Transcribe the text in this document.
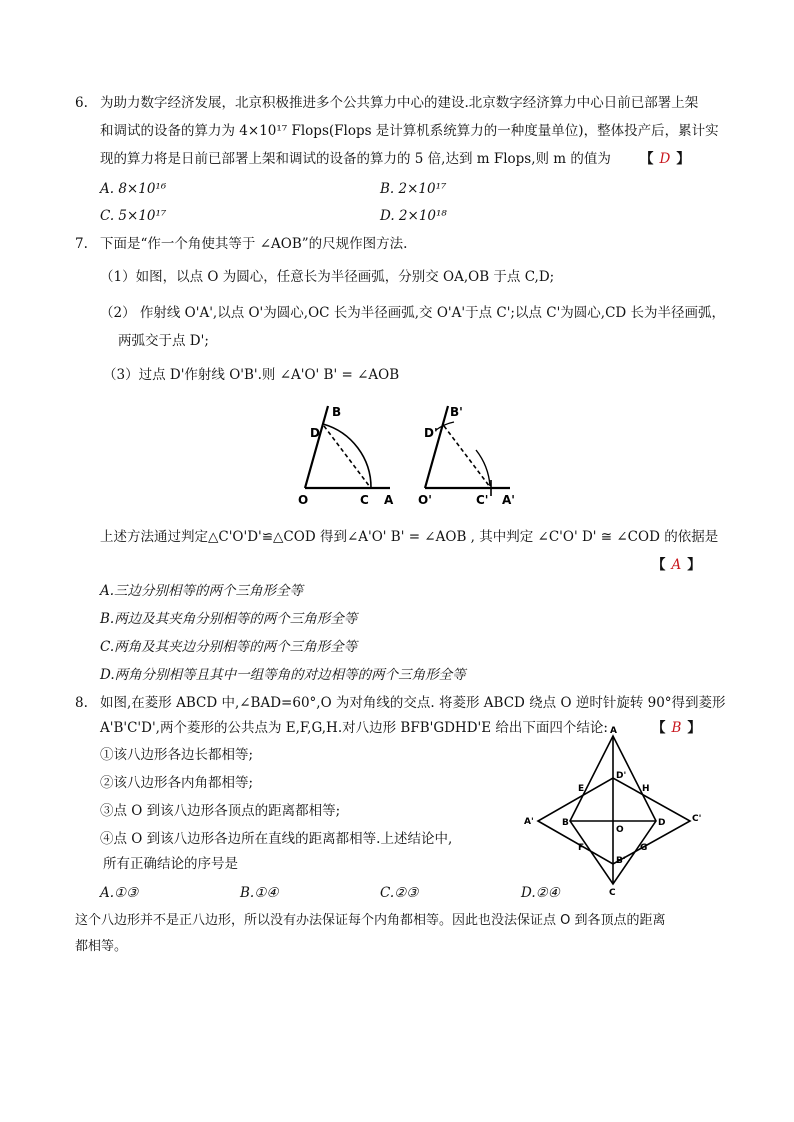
6. 为助力数字经济发展，北京积极推进多个公共算力中心的建设.北京数字经济算力中心日前已部署上架
和调试的设备的算力为 4×10¹⁷ Flops(Flops 是计算机系统算力的一种度量单位)，整体投产后，累计实
现的算力将是日前已部署上架和调试的设备的算力的 5 倍,达到 m Flops,则 m 的值为 【 D 】
A. 8×10¹⁶	B. 2×10¹⁷
C. 5×10¹⁷	D. 2×10¹⁸
7. 下面是“作一个角使其等于 ∠AOB”的尺规作图方法.
（1）如图，以点 O 为圆心，任意长为半径画弧，分别交 OA,OB 于点 C,D;
（2） 作射线 O'A',以点 O'为圆心,OC 长为半径画弧,交 O'A'于点 C';以点 C'为圆心,CD 长为半径画弧，
两弧交于点 D';
（3）过点 D'作射线 O'B'.则 ∠A'O' B' = ∠AOB
B
D
O	C A
B'
D'
O'	C' A'
上述方法通过判定△C'O'D'≌△COD 得到∠A'O' B' = ∠AOB , 其中判定 ∠C'O' D' ≅ ∠COD 的依据是
【 A 】
A.三边分别相等的两个三角形全等
B.两边及其夹角分别相等的两个三角形全等
C.两角及其夹边分别相等的两个三角形全等
D.两角分别相等且其中一组等角的对边相等的两个三角形全等
8. 如图,在菱形 ABCD 中,∠BAD=60°,O 为对角线的交点. 将菱形 ABCD 绕点 O 逆时针旋转 90°得到菱形
A'B'C'D',两个菱形的公共点为 E,F,G,H.对八边形 BFB'GDHD'E 给出下面四个结论:	【 B 】
①该八边形各边长都相等;
②该八边形各内角都相等;
③点 O 到该八边形各顶点的距离都相等;
④点 O 到该八边形各边所在直线的距离都相等.上述结论中,
所有正确结论的序号是
A.①③	B.①④	C.②③	D.②④
A
B
C
D
A'
B'
C'
D'
E
F	G
H
O
这个八边形并不是正八边形，所以没有办法保证每个内角都相等。因此也没法保证点 O 到各顶点的距离
都相等。
